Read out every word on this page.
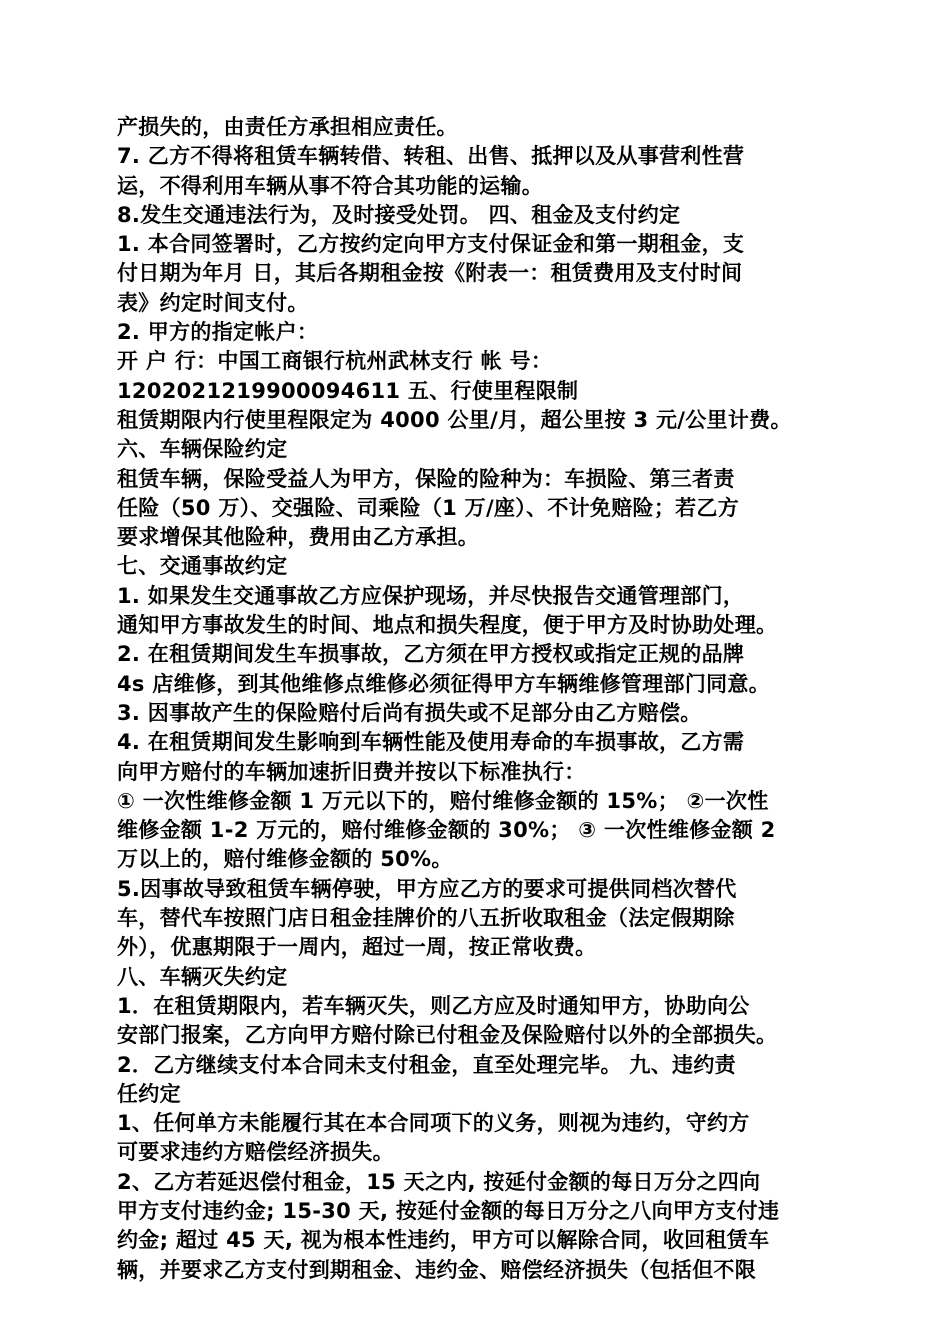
产损失的，由责任方承担相应责任。
7. 乙方不得将租赁车辆转借、转租、出售、抵押以及从事营利性营
运，不得利用车辆从事不符合其功能的运输。
8.发生交通违法行为，及时接受处罚。 四、租金及支付约定
1. 本合同签署时，乙方按约定向甲方支付保证金和第一期租金，支
付日期为年月 日，其后各期租金按《附表一：租赁费用及支付时间
表》约定时间支付。
2. 甲方的指定帐户：
开 户 行：中国工商银行杭州武林支行 帐 号：
1202021219900094611 五、行使里程限制
租赁期限内行使里程限定为 4000 公里/月，超公里按 3 元/公里计费。
六、车辆保险约定
租赁车辆，保险受益人为甲方，保险的险种为：车损险、第三者责
任险（50 万）、交强险、司乘险（1 万/座）、不计免赔险；若乙方
要求增保其他险种，费用由乙方承担。
七、交通事故约定
1. 如果发生交通事故乙方应保护现场，并尽快报告交通管理部门，
通知甲方事故发生的时间、地点和损失程度，便于甲方及时协助处理。
2. 在租赁期间发生车损事故，乙方须在甲方授权或指定正规的品牌
4s 店维修，到其他维修点维修必须征得甲方车辆维修管理部门同意。
3. 因事故产生的保险赔付后尚有损失或不足部分由乙方赔偿。
4. 在租赁期间发生影响到车辆性能及使用寿命的车损事故，乙方需
向甲方赔付的车辆加速折旧费并按以下标准执行：
① 一次性维修金额 1 万元以下的，赔付维修金额的 15%； ②一次性
维修金额 1-2 万元的，赔付维修金额的 30%； ③ 一次性维修金额 2
万以上的，赔付维修金额的 50%。
5.因事故导致租赁车辆停驶，甲方应乙方的要求可提供同档次替代
车，替代车按照门店日租金挂牌价的八五折收取租金（法定假期除
外），优惠期限于一周内，超过一周，按正常收费。
八、车辆灭失约定
1．在租赁期限内，若车辆灭失，则乙方应及时通知甲方，协助向公
安部门报案，乙方向甲方赔付除已付租金及保险赔付以外的全部损失。
2．乙方继续支付本合同未支付租金，直至处理完毕。 九、违约责
任约定
1、任何单方未能履行其在本合同项下的义务，则视为违约，守约方
可要求违约方赔偿经济损失。
2、乙方若延迟偿付租金，15 天之内, 按延付金额的每日万分之四向
甲方支付违约金; 15-30 天, 按延付金额的每日万分之八向甲方支付违
约金; 超过 45 天, 视为根本性违约，甲方可以解除合同，收回租赁车
辆，并要求乙方支付到期租金、违约金、赔偿经济损失（包括但不限
